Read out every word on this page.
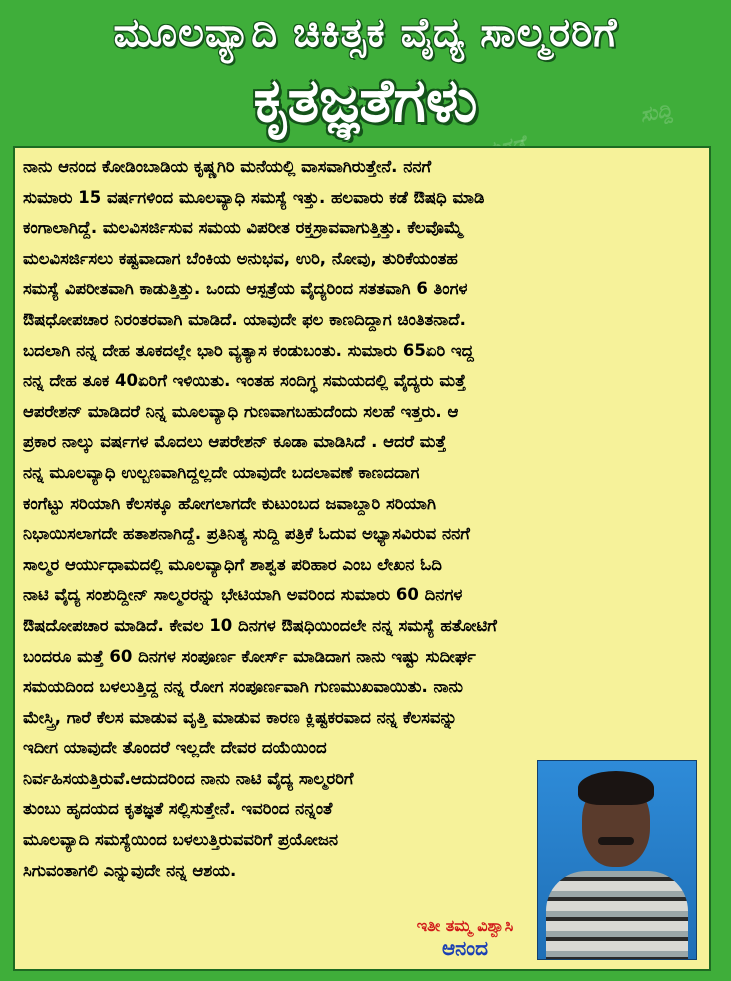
ಸುದ್ದಿ
ಮೂಲವ್ಯಾದಿ ಚಿಕಿತ್ಸಕ ವೈದ್ಯ ಸಾಲ್ಮರರಿಗೆ
ಕೃತಜ್ಞತೆಗಳು

ನಾನು ಆನಂದ ಕೋಡಿಂಬಾಡಿಯ ಕೃಷ್ಣಗಿರಿ ಮನೆಯಲ್ಲಿ ವಾಸವಾಗಿರುತ್ತೇನೆ. ನನಗೆ
ಸುಮಾರು 15 ವರ್ಷಗಳಿಂದ ಮೂಲವ್ಯಾಧಿ ಸಮಸ್ಯೆ ಇತ್ತು. ಹಲವಾರು ಕಡೆ ಔಷಧಿ ಮಾಡಿ
ಕಂಗಾಲಾಗಿದ್ದೆ. ಮಲವಿಸರ್ಜಿಸುವ ಸಮಯ ವಿಪರೀತ ರಕ್ತಸ್ರಾವವಾಗುತ್ತಿತ್ತು. ಕೆಲವೊಮ್ಮೆ
ಮಲವಿಸರ್ಜಿಸಲು ಕಷ್ಟವಾದಾಗ ಬೆಂಕಿಯ ಅನುಭವ, ಉರಿ, ನೋವು, ತುರಿಕೆಯಂತಹ
ಸಮಸ್ಯೆ ವಿಪರೀತವಾಗಿ ಕಾಡುತ್ತಿತ್ತು. ಒಂದು ಆಸ್ಪತ್ರೆಯ ವೈದ್ಯರಿಂದ ಸತತವಾಗಿ 6 ತಿಂಗಳ
ಔಷಧೋಪಚಾರ ನಿರಂತರವಾಗಿ ಮಾಡಿದೆ. ಯಾವುದೇ ಫಲ ಕಾಣದಿದ್ದಾಗ ಚಿಂತಿತನಾದೆ.
ಬದಲಾಗಿ ನನ್ನ ದೇಹ ತೂಕದಲ್ಲೇ ಭಾರಿ ವ್ಯತ್ಯಾಸ ಕಂಡುಬಂತು. ಸುಮಾರು 65ಏರಿ ಇದ್ದ
ನನ್ನ ದೇಹ ತೂಕ 40ಏರಿಗೆ ಇಳಿಯಿತು. ಇಂತಹ ಸಂದಿಗ್ಧ ಸಮಯದಲ್ಲಿ ವೈದ್ಯರು ಮತ್ತೆ
ಆಪರೇಶನ್ ಮಾಡಿದರೆ ನಿನ್ನ ಮೂಲವ್ಯಾಧಿ ಗುಣವಾಗಬಹುದೆಂದು ಸಲಹೆ ಇತ್ತರು. ಆ
ಪ್ರಕಾರ ನಾಲ್ಕು ವರ್ಷಗಳ ಮೊದಲು ಆಪರೇಶನ್ ಕೂಡಾ ಮಾಡಿಸಿದೆ . ಆದರೆ ಮತ್ತೆ
ನನ್ನ ಮೂಲವ್ಯಾಧಿ ಉಲ್ಬಣವಾಗಿದ್ದಲ್ಲದೇ ಯಾವುದೇ ಬದಲಾವಣೆ ಕಾಣದದಾಗ
ಕಂಗೆಟ್ಟು ಸರಿಯಾಗಿ ಕೆಲಸಕ್ಕೂ ಹೋಗಲಾಗದೇ ಕುಟುಂಬದ ಜವಾಬ್ದಾರಿ ಸರಿಯಾಗಿ
ನಿಭಾಯಿಸಲಾಗದೇ ಹತಾಶನಾಗಿದ್ದೆ. ಪ್ರತಿನಿತ್ಯ ಸುದ್ದಿ ಪತ್ರಿಕೆ ಓದುವ ಅಭ್ಯಾಸವಿರುವ ನನಗೆ
ಸಾಲ್ಮರ ಆರ್ಯುಧಾಮದಲ್ಲಿ ಮೂಲವ್ಯಾಧಿಗೆ ಶಾಶ್ವತ ಪರಿಹಾರ ಎಂಬ ಲೇಖನ ಓದಿ
ನಾಟಿ ವೈದ್ಯ ಸಂಶುದ್ದೀನ್ ಸಾಲ್ಮರರನ್ನು ಭೇಟಿಯಾಗಿ ಅವರಿಂದ ಸುಮಾರು 60 ದಿನಗಳ
ಔಷದೋಪಚಾರ ಮಾಡಿದೆ. ಕೇವಲ 10 ದಿನಗಳ ಔಷಧಿಯಿಂದಲೇ ನನ್ನ ಸಮಸ್ಯೆ ಹತೋಟಿಗೆ
ಬಂದರೂ ಮತ್ತೆ 60 ದಿನಗಳ ಸಂಪೂರ್ಣ ಕೋರ್ಸ್ ಮಾಡಿದಾಗ ನಾನು ಇಷ್ಟು ಸುದೀರ್ಘ
ಸಮಯದಿಂದ ಬಳಲುತ್ತಿದ್ದ ನನ್ನ ರೋಗ ಸಂಪೂರ್ಣವಾಗಿ ಗುಣಮುಖವಾಯಿತು. ನಾನು
ಮೇಸ್ತ್ರಿ, ಗಾರೆ ಕೆಲಸ ಮಾಡುವ ವೃತ್ತಿ ಮಾಡುವ ಕಾರಣ ಕ್ಲಿಷ್ಟಕರವಾದ ನನ್ನ ಕೆಲಸವನ್ನು
ಇದೀಗ ಯಾವುದೇ ತೊಂದರೆ ಇಲ್ಲದೇ ದೇವರ ದಯೆಯಿಂದ
ನಿರ್ವಹಿಸಯತ್ತಿರುವೆ.ಆದುದರಿಂದ ನಾನು ನಾಟಿ ವೈದ್ಯ ಸಾಲ್ಮರರಿಗೆ
ತುಂಬು ಹೃದಯದ ಕೃತಜ್ಞತೆ ಸಲ್ಲಿಸುತ್ತೇನೆ. ಇವರಿಂದ ನನ್ನಂತೆ
ಮೂಲವ್ಯಾದಿ ಸಮಸ್ಯೆಯಿಂದ ಬಳಲುತ್ತಿರುವವರಿಗೆ ಪ್ರಯೋಜನ
ಸಿಗುವಂತಾಗಲಿ ಎನ್ನುವುದೇ ನನ್ನ ಆಶಯ.

ಇತೀ ತಮ್ಮ ವಿಶ್ವಾಸಿ
ಆನಂದ
